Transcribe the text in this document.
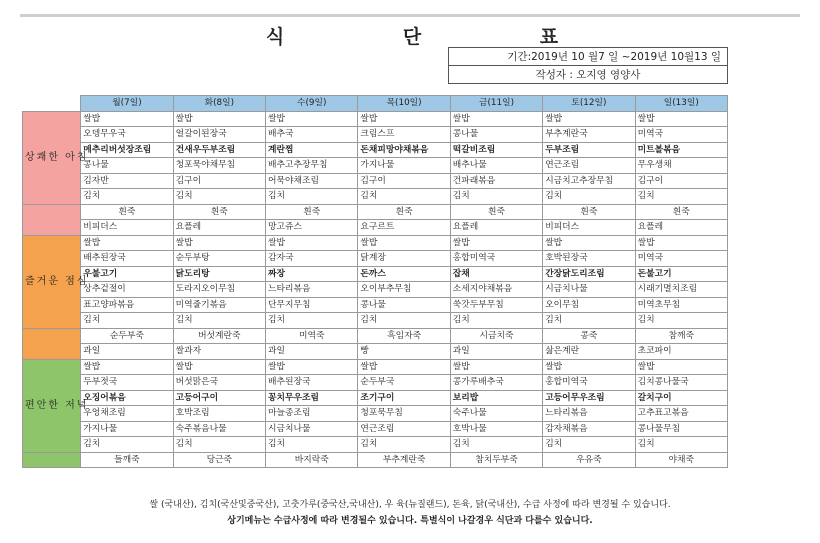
식 단 표
기간:2019년 10 월7 일 ~2019년 10월13 일
작성자 : 오지영 영양사
	월(7일)	화(8일)	수(9일)	목(10일)	금(11일)	토(12일)	일(13일)
상쾌한 아침	쌀밥	쌀밥	쌀밥	쌀밥	쌀밥	쌀밥	쌀밥
	오뎅무우국	얼갈이된장국	배추국	크림스프	콩나물	부추계란국	미역국
	메추리버섯장조림	건새우두부조림	계란찜	돈채피망야채볶음	떡갈비조림	두부조림	미트볼볶음
	콩나물	청포묵야채무침	배추고추장무침	가지나물	배추나물	연근조림	무우생채
	김자반	김구이	어묵야채조림	김구이	건파래볶음	시금치고추장무침	김구이
	김치	김치	김치	김치	김치	김치	김치
	흰죽	흰죽	흰죽	흰죽	흰죽	흰죽	흰죽
	비피더스	요플레	망고쥬스	요구르트	요플레	비피더스	요플레
즐거운 점심	쌀밥	쌀밥	쌀밥	쌀밥	쌀밥	쌀밥	쌀밥
	배추된장국	순두부탕	감자국	닭계장	홍합미역국	호박된장국	미역국
	우불고기	닭도리탕	짜장	돈까스	잡채	간장닭도리조림	돈불고기
	상추겉절이	도라지오이무침	느타리볶음	오이부추무침	소세지야채볶음	시금치나물	시래기멸치조림
	표고양파볶음	미역줄기볶음	단무지무침	콩나물	쑥갓두부무침	오이무침	미역초무침
	김치	김치	김치	김치	김치	김치	김치
	순두부죽	버섯계란죽	미역죽	흑임자죽	시금치죽	콩죽	참깨죽
	과일	쌀과자	과일	빵	과일	삶은계란	초코파이
편안한 저녁	쌀밥	쌀밥	쌀밥	쌀밥	쌀밥	쌀밥	쌀밥
	두부젓국	버섯맑은국	배추된장국	순두부국	콩가루배추국	홍합미역국	김치콩나물국
	오징어볶음	고등어구이	꽁치무우조림	조기구이	보리밥	고등어무우조림	갈치구이
	우엉채조림	호박조림	마늘종조림	청포묵무침	숙주나물	느타리볶음	고추표고볶음
	가지나물	숙주볶음나물	시금치나물	연근조림	호박나물	감자채볶음	콩나물무침
	김치	김치	김치	김치	김치	김치	김치
	들깨죽	당근죽	바지락죽	부추계란죽	참치두부죽	우유죽	야채죽
쌀 (국내산), 김치(국산및중국산), 고춧가루(중국산,국내산), 우 육(뉴질랜드), 돈육, 닭(국내산), 수급 사정에 따라 변경될 수 있습니다.
상기메뉴는 수급사정에 따라 변경될수 있습니다. 특별식이 나갈경우 식단과 다를수 있습니다.
